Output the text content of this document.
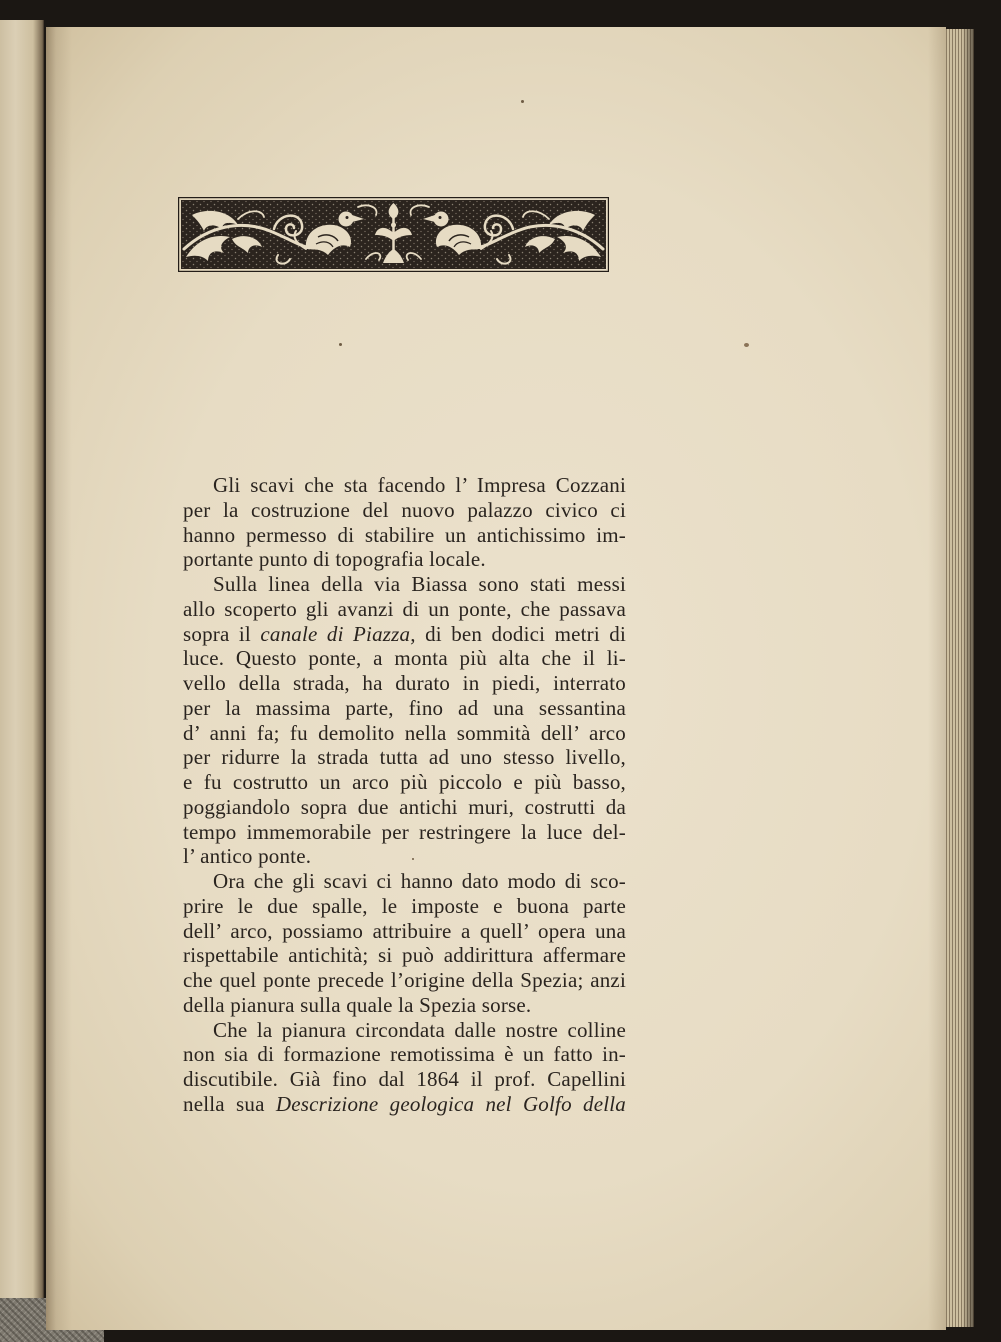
Gli scavi che sta facendo l’ Impresa Cozzani
per la costruzione del nuovo palazzo civico ci
hanno permesso di stabilire un antichissimo im-
portante punto di topografia locale.
Sulla linea della via Biassa sono stati messi
allo scoperto gli avanzi di un ponte, che passava
sopra il canale di Piazza, di ben dodici metri di
luce. Questo ponte, a monta più alta che il li-
vello della strada, ha durato in piedi, interrato
per la massima parte, fino ad una sessantina
d’ anni fa; fu demolito nella sommità dell’ arco
per ridurre la strada tutta ad uno stesso livello,
e fu costrutto un arco più piccolo e più basso,
poggiandolo sopra due antichi muri, costrutti da
tempo immemorabile per restringere la luce del-
l’ antico ponte.
Ora che gli scavi ci hanno dato modo di sco-
prire le due spalle, le imposte e buona parte
dell’ arco, possiamo attribuire a quell’ opera una
rispettabile antichità; si può addirittura affermare
che quel ponte precede l’origine della Spezia; anzi
della pianura sulla quale la Spezia sorse.
Che la pianura circondata dalle nostre colline
non sia di formazione remotissima è un fatto in-
discutibile. Già fino dal 1864 il prof. Capellini
nella sua Descrizione geologica nel Golfo della
